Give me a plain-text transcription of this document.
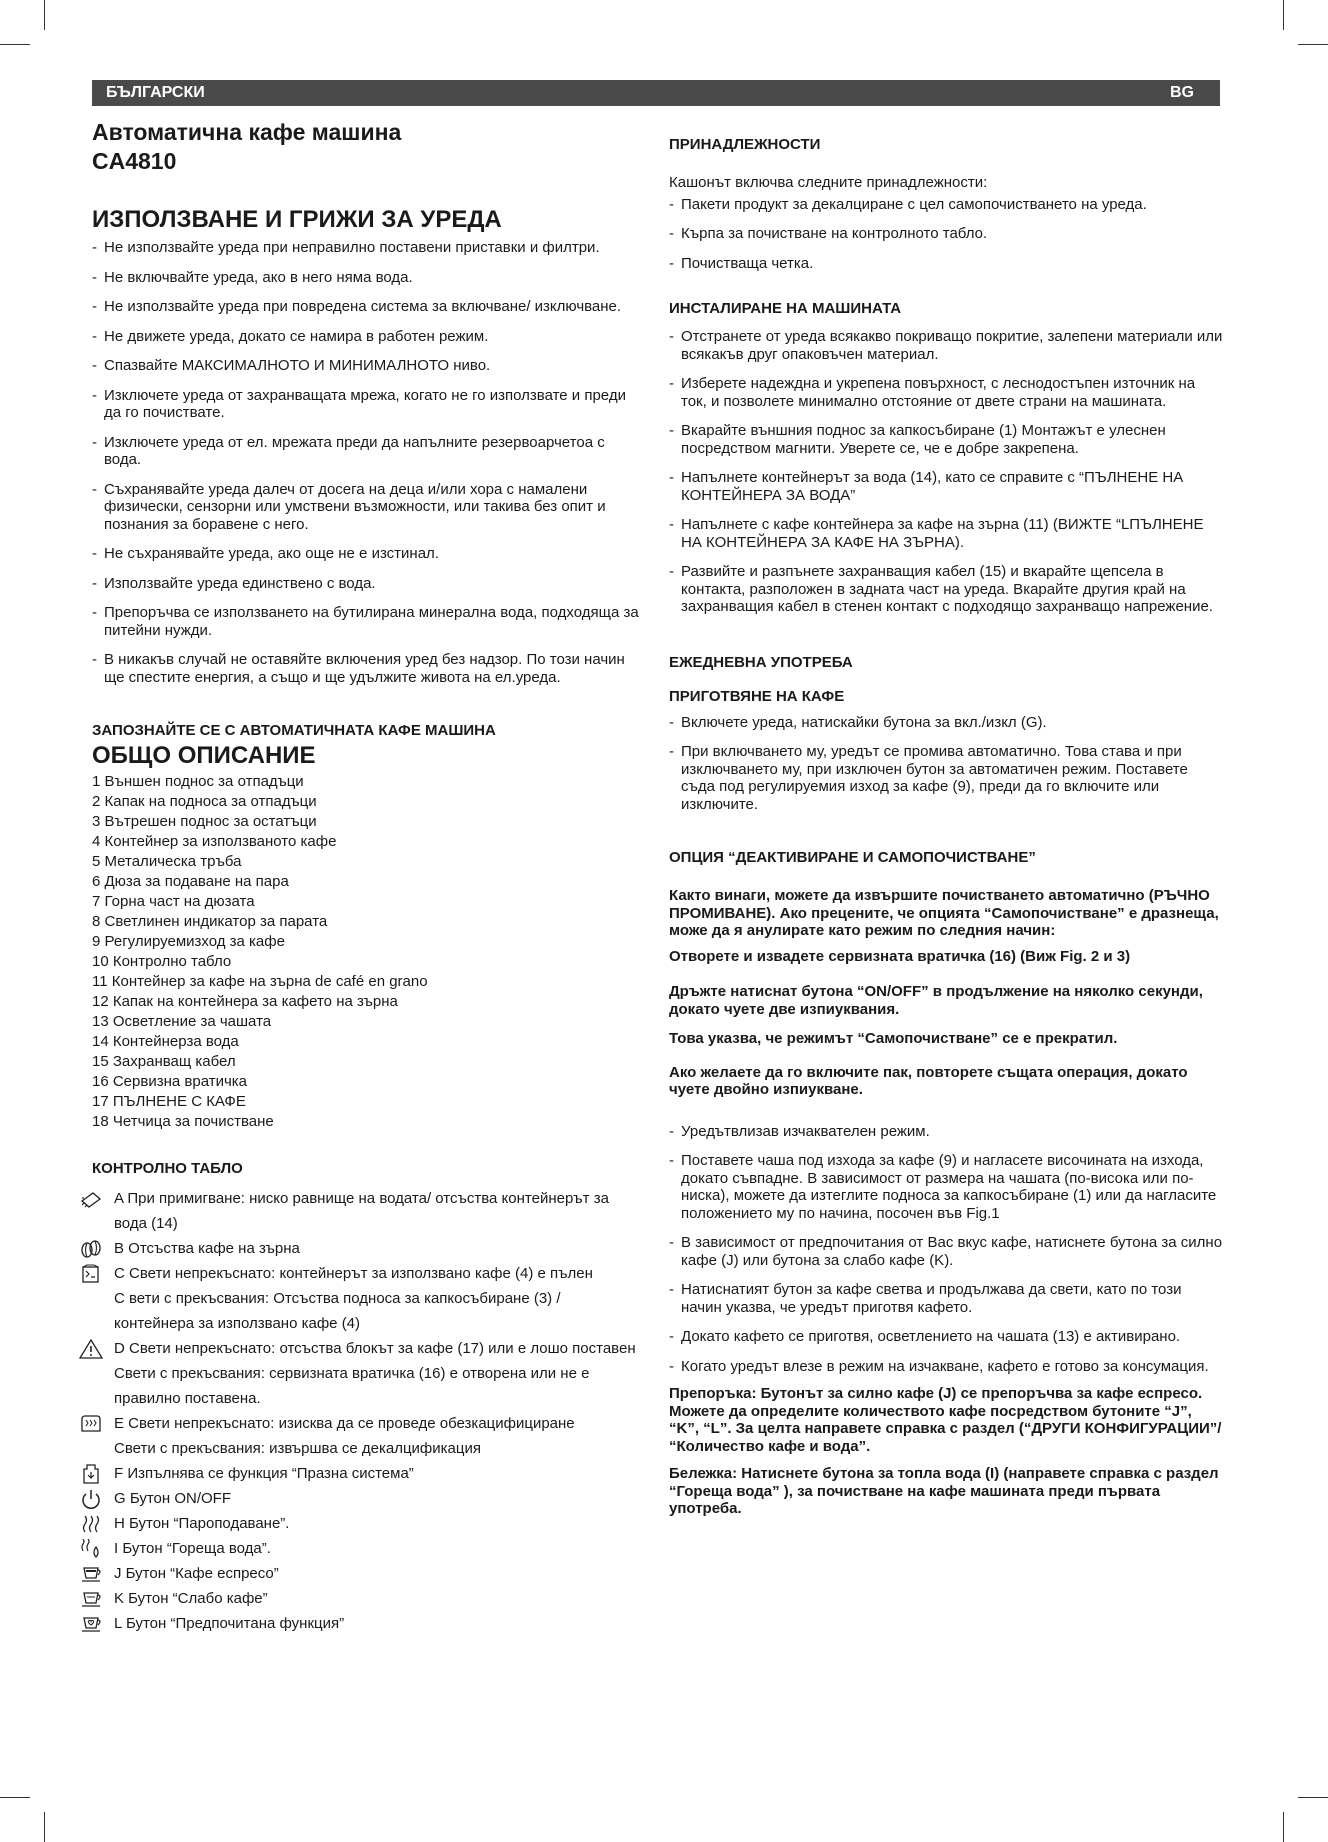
БЪЛГАРСКИ	BG
Автоматична кафе машина
CA4810
ИЗПОЛЗВАНЕ И ГРИЖИ ЗА УРЕДА
- Не използвайте уреда при неправилно поставени приставки и филтри.
- Не включвайте уреда, ако в него няма вода.
- Не използвайте уреда при повредена система за включване/ изключване.
- Не движете уреда, докато се намира в работен режим.
- Спазвайте МАКСИМАЛНОТО И МИНИМАЛНОТО ниво.
- Изключете уреда от захранващата мрежа, когато не го използвате и преди да го почиствате.
- Изключете уреда от ел. мрежата преди да напълните резервоарчетоа с вода.
- Съхранявайте уреда далеч от досега на деца и/или хора с намалени физически, сензорни или умствени възможности, или такива без опит и познания за боравене с него.
- Не съхранявайте уреда, ако още не е изстинал.
- Използвайте уреда единствено с вода.
- Препоръчва се използването на бутилирана минерална вода, подходяща за питейни нужди.
- В никакъв случай не оставяйте включения уред без надзор. По този начин ще спестите енергия, а също и ще удължите живота на ел.уреда.
ЗАПОЗНАЙТЕ СЕ С АВТОМАТИЧНАТА КАФЕ МАШИНА
ОБЩО ОПИСАНИЕ
1 Външен поднос за отпадъци
2 Капак на подноса за отпадъци
3 Вътрешен поднос за остатъци
4 Контейнер за използваното кафе
5 Металическа тръба
6 Дюза за подаване на пара
7 Горна част на дюзата
8 Светлинен индикатор за парата
9 Регулируемизход за кафе
10 Контролно табло
11 Контейнер за кафе на зърна de café en grano
12 Капак на контейнера за кафето на зърна
13 Осветление за чашата
14 Контейнерза вода
15 Захранващ кабел
16 Сервизна вратичка
17 ПЪЛНЕНЕ С КАФЕ
18 Четчица за почистване
КОНТРОЛНО ТАБЛО
A При примигване: ниско равнище на водата/ отсъства контейнерът за вода (14)
B Отсъства кафе на зърна
C Свети непрекъснато: контейнерът за използвано кафе (4) е пълен
С вети с прекъсвания: Отсъства подноса за капкосъбиране (3) / контейнера за използвано кафе (4)
D Свети непрекъснато: отсъства блокът за кафе (17) или е лошо поставен
Свети с прекъсвания: сервизната вратичка (16) е отворена или не е правилно поставена.
E Свети непрекъснато: изисква да се проведе обезкацифициране
Свети с прекъсвания: извършва се декалцификация
F Изпълнява се функция “Празна система”
G Бутон ON/OFF
H Бутон “Пароподаване”.
I Бутон “Гореща вода”.
J Бутон “Кафе еспресо”
K Бутон “Слабо кафе”
L Бутон “Предпочитана функция”
ПРИНАДЛЕЖНОСТИ

Кашонът включва следните принадлежности:

- Пакети продукт за декалциране с цел самопочистването на уреда.
- Кърпа за почистване на контролното табло.
- Почистваща четка.
ИНСТАЛИРАНЕ НА МАШИНАТА
- Отстранете от уреда всякакво покриващо покритие, залепени материали или всякакъв друг опаковъчен материал.
- Изберете надеждна и укрепена повърхност, с леснодостъпен източник на ток, и позволете минимално отстояние от двете страни на машината.
- Вкарайте външния поднос за капкосъбиране (1) Монтажът е улеснен посредством магнити. Уверете се, че е добре закрепена.
- Напълнете контейнерът за вода (14), като се справите с “ПЪЛНЕНЕ НА КОНТЕЙНЕРА ЗА ВОДА”
- Напълнете с кафе контейнера за кафе на зърна (11) (ВИЖТЕ “LПЪЛНЕНЕ НА КОНТЕЙНЕРА ЗА КАФЕ НА ЗЪРНА).
- Развийте и разпънете захранващия кабел (15) и вкарайте щепсела в контакта, разположен в задната част на уреда. Вкарайте другия край на захранващия кабел в стенен контакт с подходящо захранващо напрежение.
ЕЖЕДНЕВНА УПОТРЕБА
ПРИГОТВЯНЕ НА КАФЕ
- Включете уреда, натискайки бутона за вкл./изкл (G).
- При включването му, уредът се промива автоматично. Това става и при изключването му, при изключен бутон за автоматичен режим. Поставете съда под регулируемия изход за кафе (9), преди да го включите или изключите.
ОПЦИЯ “ДЕАКТИВИРАНЕ И САМОПОЧИСТВАНЕ”

Както винаги, можете да извършите почистването автоматично (РЪЧНО ПРОМИВАНЕ). Ако прецените, че опцията “Самопочистване” е дразнеща, може да я анулирате като режим по следния начин:

Отворете и извадете сервизната вратичка (16) (Виж Fig. 2 и 3)

Дръжте натиснат бутона “ON/OFF” в продължение на няколко секунди, докато чуете две изпиуквания.

Това указва, че режимът “Самопочистване” се е прекратил.

Ако желаете да го включите пак, повторете същата операция, докато чуете двойно изпиукване.

- Уредътвлизав изчаквателен режим.
- Поставете чаша под изхода за кафе (9) и нагласете височината на изхода, докато съвпадне. В зависимост от размера на чашата (по-висока или по-ниска), можете да изтеглите подноса за капкосъбиране (1) или да нагласите положението му по начина, посочен във Fig.1
- В зависимост от предпочитания от Вас вкус кафе, натиснете бутона за силно кафе (J) или бутона за слабо кафе (K).
- Натиснатият бутон за кафе светва и продължава да свети, като по този начин указва, че уредът приготвя кафето.
- Докато кафето се приготвя, осветлението на чашата (13) е активирано.
- Когато уредът влезе в режим на изчакване, кафето е готово за консумация.

Препоръка: Бутонът за силно кафе (J) се препоръчва за кафе еспресо. Можете да определите количеството кафе посредством бутоните “J”, “K”, “L”. За целта направете справка с раздел (“ДРУГИ КОНФИГУРАЦИИ”/ “Количество кафе и вода”.

Бележка: Натиснете бутона за топла вода (I) (направете справка с раздел “Гореща вода” ), за почистване на кафе машината преди първата употреба.
